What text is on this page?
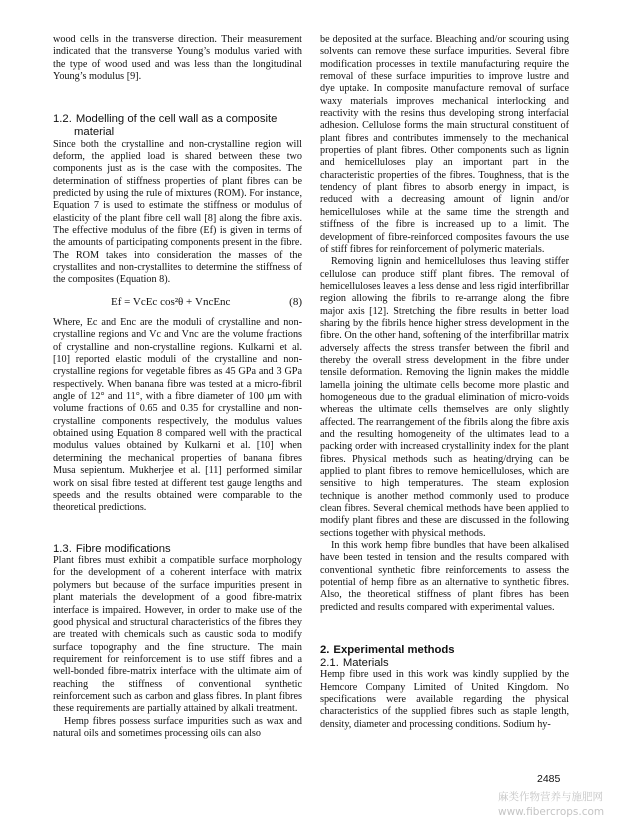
wood cells in the transverse direction. Their measurement indicated that the transverse Young’s modulus varied with the type of wood used and was less than the longitudinal Young’s modulus [9].

1.2. Modelling of the cell wall as a composite
material

Since both the crystalline and non-crystalline region will deform, the applied load is shared between these two components just as is the case with the composites. The determination of stiffness properties of plant fibres can be predicted by using the rule of mixtures (ROM). For instance, Equation 7 is used to estimate the stiffness or modulus of elasticity of the plant fibre cell wall [8] along the fibre axis. The effective modulus of the fibre (Ef) is given in terms of the amounts of participating components present in the fibre. The ROM takes into consideration the masses of the crystallites and non-crystallites to determine the stiffness of the composites (Equation 8).

Ef = VcEc cos²θ + VncEnc	(8)

Where, Ec and Enc are the moduli of crystalline and non-crystalline regions and Vc and Vnc are the volume fractions of crystalline and non-crystalline regions. Kulkarni et al. [10] reported elastic moduli of the crystalline and non-crystalline regions for vegetable fibres as 45 GPa and 3 GPa respectively. When banana fibre was tested at a micro-fibril angle of 12° and 11°, with a fibre diameter of 100 μm with volume fractions of 0.65 and 0.35 for crystalline and non-crystalline components respectively, the modulus values obtained using Equation 8 compared well with the practical modulus values obtained by Kulkarni et al. [10] when determining the mechanical properties of banana fibres Musa sepientum. Mukherjee et al. [11] performed similar work on sisal fibre tested at different test gauge lengths and speeds and the results obtained were comparable to the theoretical predictions.

1.3. Fibre modifications

Plant fibres must exhibit a compatible surface morphology for the development of a coherent interface with matrix polymers but because of the surface impurities present in plant materials the development of a good fibre-matrix interface is impaired. However, in order to make use of the good physical and structural characteristics of the fibres they are treated with chemicals such as caustic soda to modify surface topography and the fine structure. The main requirement for reinforcement is to use stiff fibres and a well-bonded fibre-matrix interface with the ultimate aim of reaching the stiffness of conventional synthetic reinforcement such as carbon and glass fibres. In plant fibres these requirements are partially attained by alkali treatment.

Hemp fibres possess surface impurities such as wax and natural oils and sometimes processing oils can also

be deposited at the surface. Bleaching and/or scouring using solvents can remove these surface impurities. Several fibre modification processes in textile manufacturing require the removal of these surface impurities to improve lustre and dye uptake. In composite manufacture removal of surface waxy materials improves mechanical interlocking and reactivity with the resins thus developing strong interfacial adhesion. Cellulose forms the main structural constituent of plant fibres and contributes immensely to the mechanical properties of plant fibres. Other components such as lignin and hemicelluloses play an important part in the characteristic properties of the fibres. Toughness, that is the tendency of plant fibres to absorb energy in impact, is reduced with a decreasing amount of lignin and/or hemicelluloses while at the same time the strength and stiffness of the fibre is increased up to a limit. The development of fibre-reinforced composites favours the use of stiff fibres for reinforcement of polymeric materials.

Removing lignin and hemicelluloses thus leaving stiffer cellulose can produce stiff plant fibres. The removal of hemicelluloses leaves a less dense and less rigid interfibrillar region allowing the fibrils to re-arrange along the fibre major axis [12]. Stretching the fibre results in better load sharing by the fibrils hence higher stress development in the fibre. On the other hand, softening of the interfibrillar matrix adversely affects the stress transfer between the fibril and thereby the overall stress development in the fibre under tensile deformation. Removing the lignin makes the middle lamella joining the ultimate cells become more plastic and homogeneous due to the gradual elimination of micro-voids whereas the ultimate cells themselves are only slightly affected. The rearrangement of the fibrils along the fibre axis and the resulting homogeneity of the ultimates lead to a packing order with increased crystallinity index for the plant fibres. Physical methods such as heating/drying can be applied to plant fibres to remove hemicelluloses, which are sensitive to high temperatures. The steam explosion technique is another method commonly used to produce clean fibres. Several chemical methods have been applied to modify plant fibres and these are discussed in the following sections together with physical methods.

In this work hemp fibre bundles that have been alkalised have been tested in tension and the results compared with conventional synthetic fibre reinforcements to assess the potential of hemp fibre as an alternative to synthetic fibres. Also, the theoretical stiffness of plant fibres has been predicted and results compared with experimental values.

2. Experimental methods
2.1. Materials

Hemp fibre used in this work was kindly supplied by the Hemcore Company Limited of United Kingdom. No specifications were available regarding the physical characteristics of the supplied fibres such as staple length, density, diameter and processing conditions. Sodium hy-

2485
麻类作物营养与施肥网
www.fibercrops.com
